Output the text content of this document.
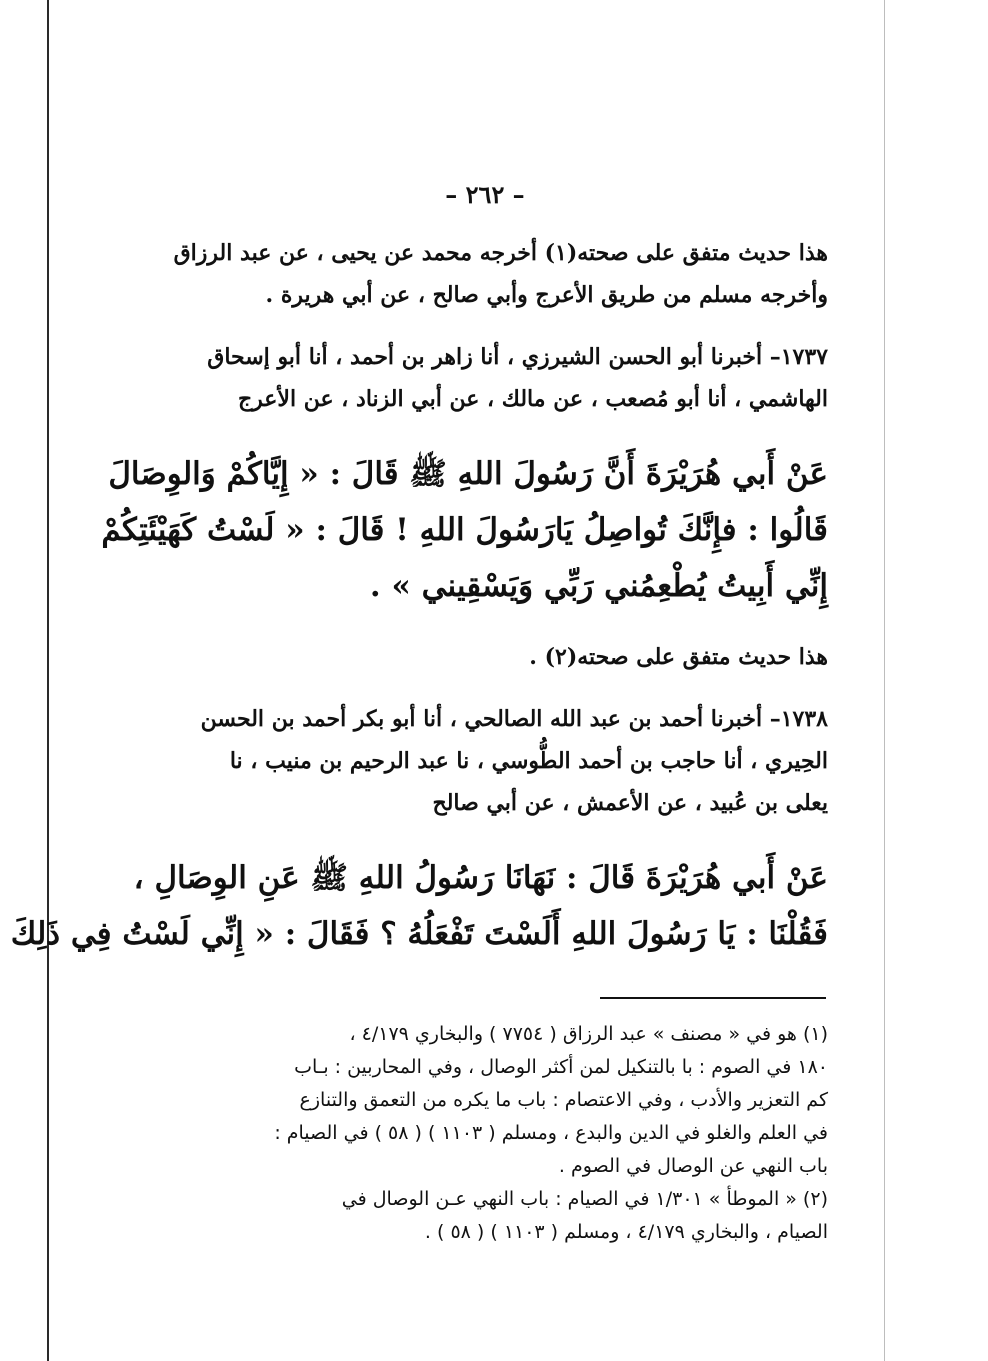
– ٢٦٢ –
هذا حديث متفق على صحته(١) أخرجه محمد عن يحيى ، عن عبد الرزاق
وأخرجه مسلم من طريق الأعرج وأبي صالح ، عن أبي هريرة .
١٧٣٧– أخبرنا أبو الحسن الشيرزي ، أنا زاهر بن أحمد ، أنا أبو إسحاق
الهاشمي ، أنا أبو مُصعب ، عن مالك ، عن أبي الزناد ، عن الأعرج
عَنْ أَبي هُرَيْرَةَ أَنَّ رَسُولَ اللهِ ﷺ قَالَ : « إِيَّاكُمْ وَالوِصَالَ
قَالُوا : فإِنَّكَ تُواصِلُ يَارَسُولَ اللهِ ! قَالَ : « لَسْتُ كَهَيْئَتِكُمْ
إِنِّي أَبِيتُ يُطْعِمُني رَبِّي وَيَسْقِيني » .
هذا حديث متفق على صحته(٢) .
١٧٣٨– أخبرنا أحمد بن عبد الله الصالحي ، أنا أبو بكر أحمد بن الحسن
الحِيري ، أنا حاجب بن أحمد الطُّوسي ، نا عبد الرحيم بن منيب ، نا
يعلى بن عُبيد ، عن الأعمش ، عن أبي صالح
عَنْ أَبي هُرَيْرَةَ قَالَ : نَهَانَا رَسُولُ اللهِ ﷺ عَنِ الوِصَالِ ،
فَقُلْنَا : يَا رَسُولَ اللهِ أَلَسْتَ تَفْعَلُهُ ؟ فَقَالَ : « إِنِّي لَسْتُ فِي ذَلِكَ
(١) هو في « مصنف » عبد الرزاق ( ٧٧٥٤ ) والبخاري ٤/١٧٩ ،
١٨٠ في الصوم : با بالتنكيل لمن أكثر الوصال ، وفي المحاربين : بـاب
كم التعزير والأدب ، وفي الاعتصام : باب ما يكره من التعمق والتنازع
في العلم والغلو في الدين والبدع ، ومسلم ( ١١٠٣ ) ( ٥٨ ) في الصيام :
باب النهي عن الوصال في الصوم .
(٢) « الموطأ » ١/٣٠١ في الصيام : باب النهي عـن الوصال في
الصيام ، والبخاري ٤/١٧٩ ، ومسلم ( ١١٠٣ ) ( ٥٨ ) .
